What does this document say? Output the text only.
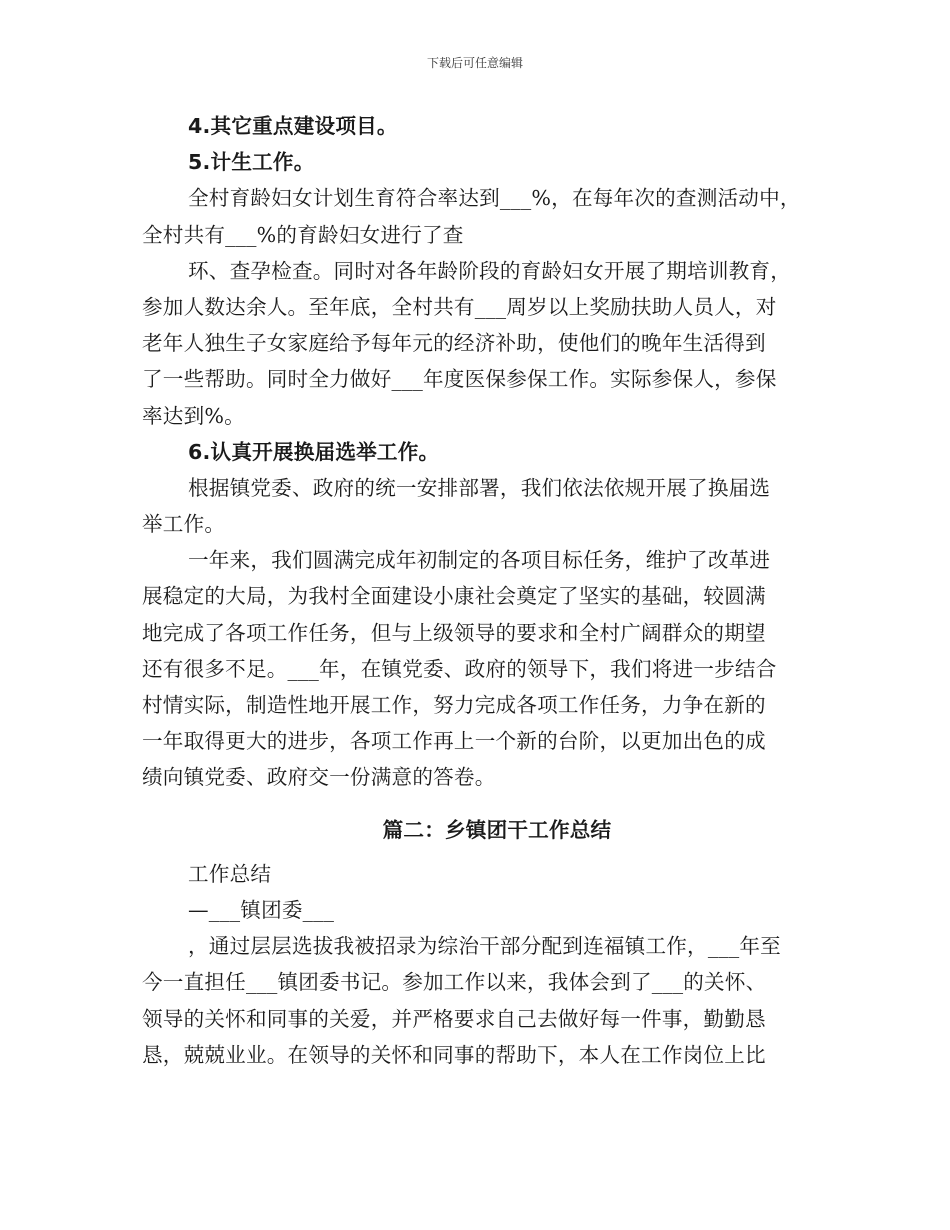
下载后可任意编辑
4.其它重点建设项目。
5.计生工作。
全村育龄妇女计划生育符合率达到___%，在每年次的查测活动中，
全村共有___%的育龄妇女进行了查
环、查孕检查。同时对各年龄阶段的育龄妇女开展了期培训教育，
参加人数达余人。至年底，全村共有___周岁以上奖励扶助人员人，对
老年人独生子女家庭给予每年元的经济补助，使他们的晚年生活得到
了一些帮助。同时全力做好___年度医保参保工作。实际参保人，参保
率达到%。
6.认真开展换届选举工作。
根据镇党委、政府的统一安排部署，我们依法依规开展了换届选
举工作。
一年来，我们圆满完成年初制定的各项目标任务，维护了改革进
展稳定的大局，为我村全面建设小康社会奠定了坚实的基础，较圆满
地完成了各项工作任务，但与上级领导的要求和全村广阔群众的期望
还有很多不足。___年，在镇党委、政府的领导下，我们将进一步结合
村情实际，制造性地开展工作，努力完成各项工作任务，力争在新的
一年取得更大的进步，各项工作再上一个新的台阶，以更加出色的成
绩向镇党委、政府交一份满意的答卷。
篇二：乡镇团干工作总结
工作总结
—___镇团委___
，通过层层选拔我被招录为综治干部分配到连福镇工作，___年至
今一直担任___镇团委书记。参加工作以来，我体会到了___的关怀、
领导的关怀和同事的关爱，并严格要求自己去做好每一件事，勤勤恳
恳，兢兢业业。在领导的关怀和同事的帮助下，本人在工作岗位上比
